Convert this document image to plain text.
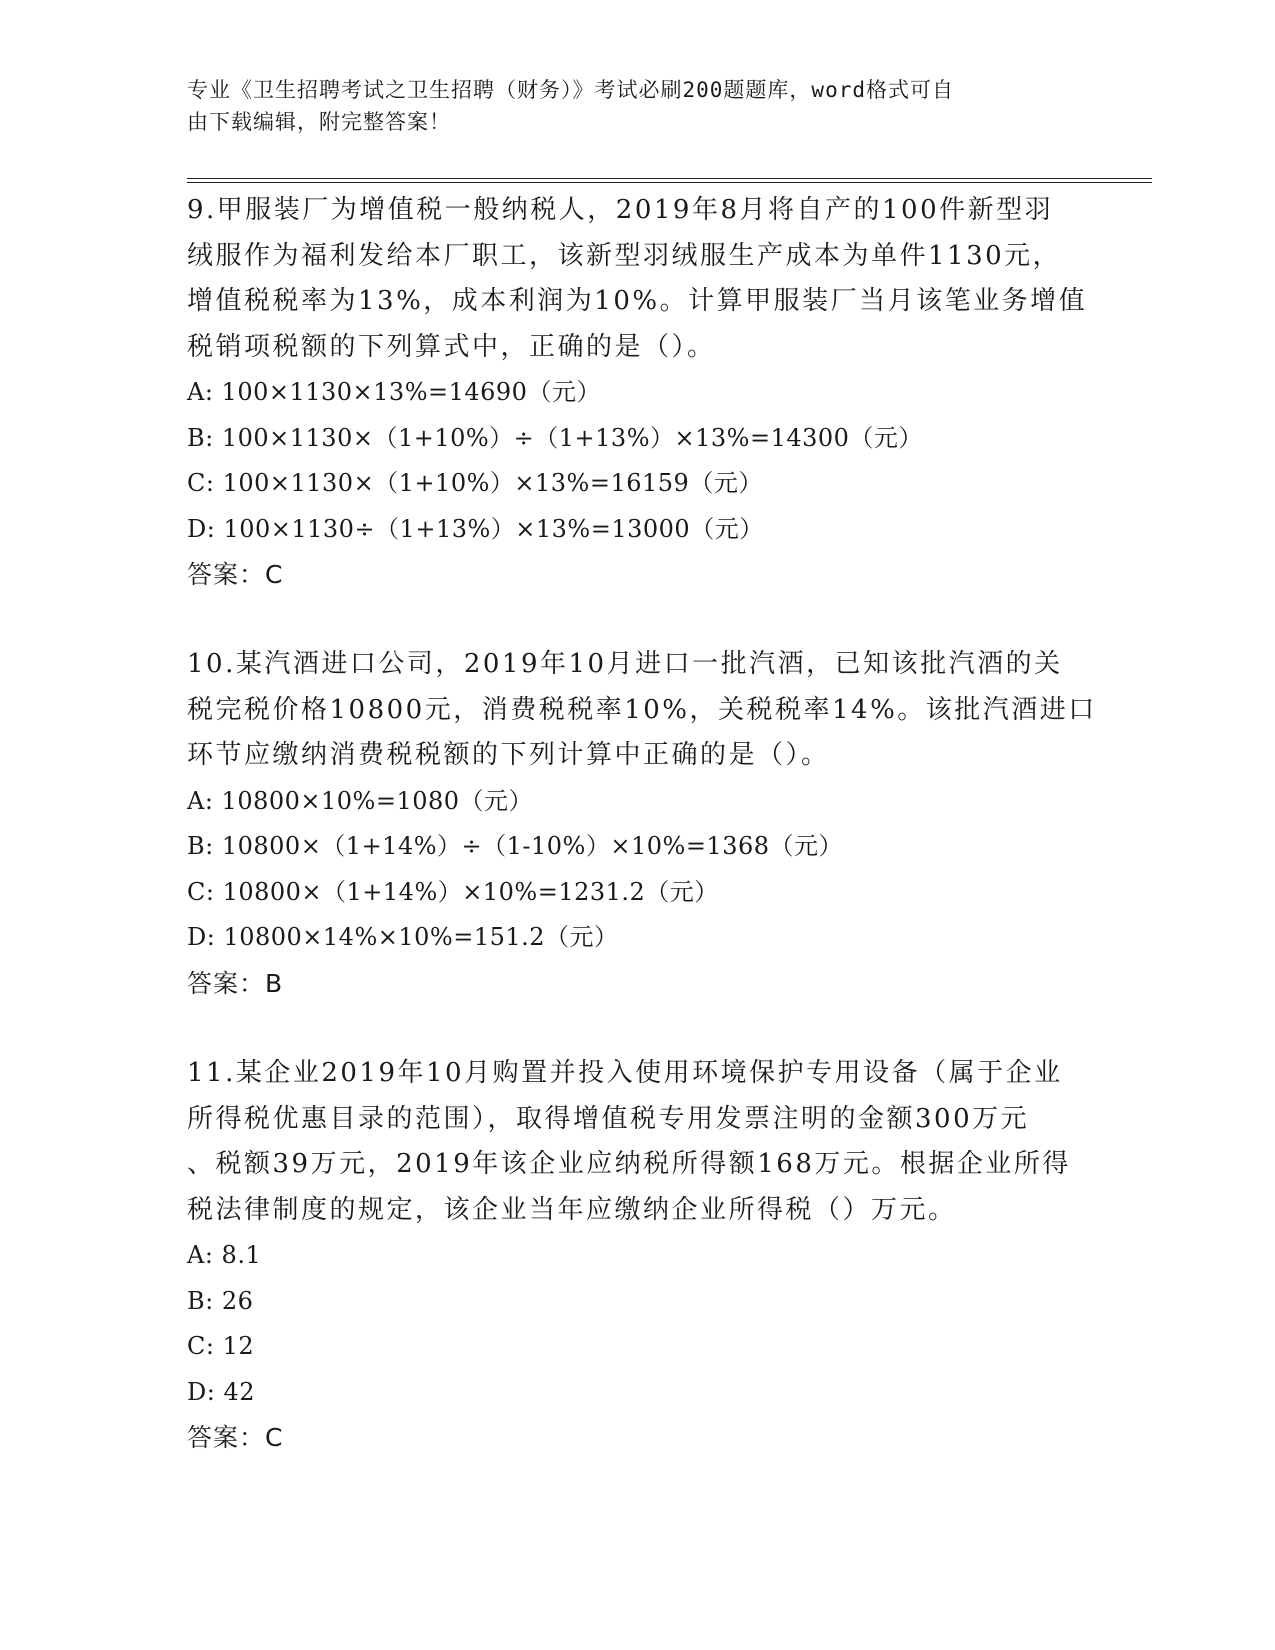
专业《卫生招聘考试之卫生招聘（财务）》考试必刷200题题库，word格式可自
由下载编辑，附完整答案！
9.甲服装厂为增值税一般纳税人，2019年8月将自产的100件新型羽
绒服作为福利发给本厂职工，该新型羽绒服生产成本为单件1130元，
增值税税率为13%，成本利润为10%。计算甲服装厂当月该笔业务增值
税销项税额的下列算式中，正确的是（）。
A: 100×1130×13%=14690（元）
B: 100×1130×（1+10%）÷（1+13%）×13%=14300（元）
C: 100×1130×（1+10%）×13%=16159（元）
D: 100×1130÷（1+13%）×13%=13000（元）
答案：C
10.某汽酒进口公司，2019年10月进口一批汽酒，已知该批汽酒的关
税完税价格10800元，消费税税率10%，关税税率14%。该批汽酒进口
环节应缴纳消费税税额的下列计算中正确的是（）。
A: 10800×10%=1080（元）
B: 10800×（1+14%）÷（1-10%）×10%=1368（元）
C: 10800×（1+14%）×10%=1231.2（元）
D: 10800×14%×10%=151.2（元）
答案：B
11.某企业2019年10月购置并投入使用环境保护专用设备（属于企业
所得税优惠目录的范围），取得增值税专用发票注明的金额300万元
、税额39万元，2019年该企业应纳税所得额168万元。根据企业所得
税法律制度的规定，该企业当年应缴纳企业所得税（）万元。
A: 8.1
B: 26
C: 12
D: 42
答案：C
